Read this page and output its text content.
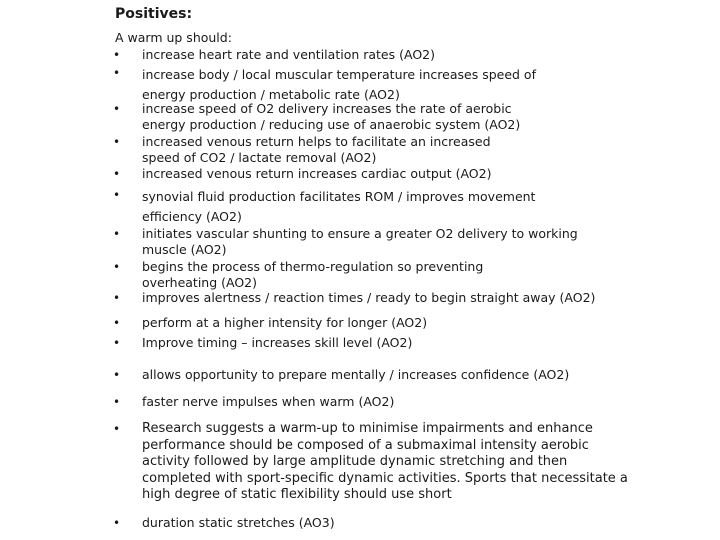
Positives:

A warm up should:

• increase heart rate and ventilation rates (AO2)

• increase body / local muscular temperature increases speed of
energy production / metabolic rate (AO2)

• increase speed of O2 delivery increases the rate of aerobic
energy production / reducing use of anaerobic system (AO2)

• increased venous return helps to facilitate an increased
speed of CO2 / lactate removal (AO2)

• increased venous return increases cardiac output (AO2)

• synovial fluid production facilitates ROM / improves movement
efficiency (AO2)

• initiates vascular shunting to ensure a greater O2 delivery to working
muscle (AO2)

• begins the process of thermo-regulation so preventing
overheating (AO2)

• improves alertness / reaction times / ready to begin straight away (AO2)

• perform at a higher intensity for longer (AO2)

• Improve timing – increases skill level (AO2)

• allows opportunity to prepare mentally / increases confidence (AO2)

• faster nerve impulses when warm (AO2)

• Research suggests a warm-up to minimise impairments and enhance
performance should be composed of a submaximal intensity aerobic
activity followed by large amplitude dynamic stretching and then
completed with sport-specific dynamic activities. Sports that necessitate a
high degree of static flexibility should use short

• duration static stretches (AO3)
